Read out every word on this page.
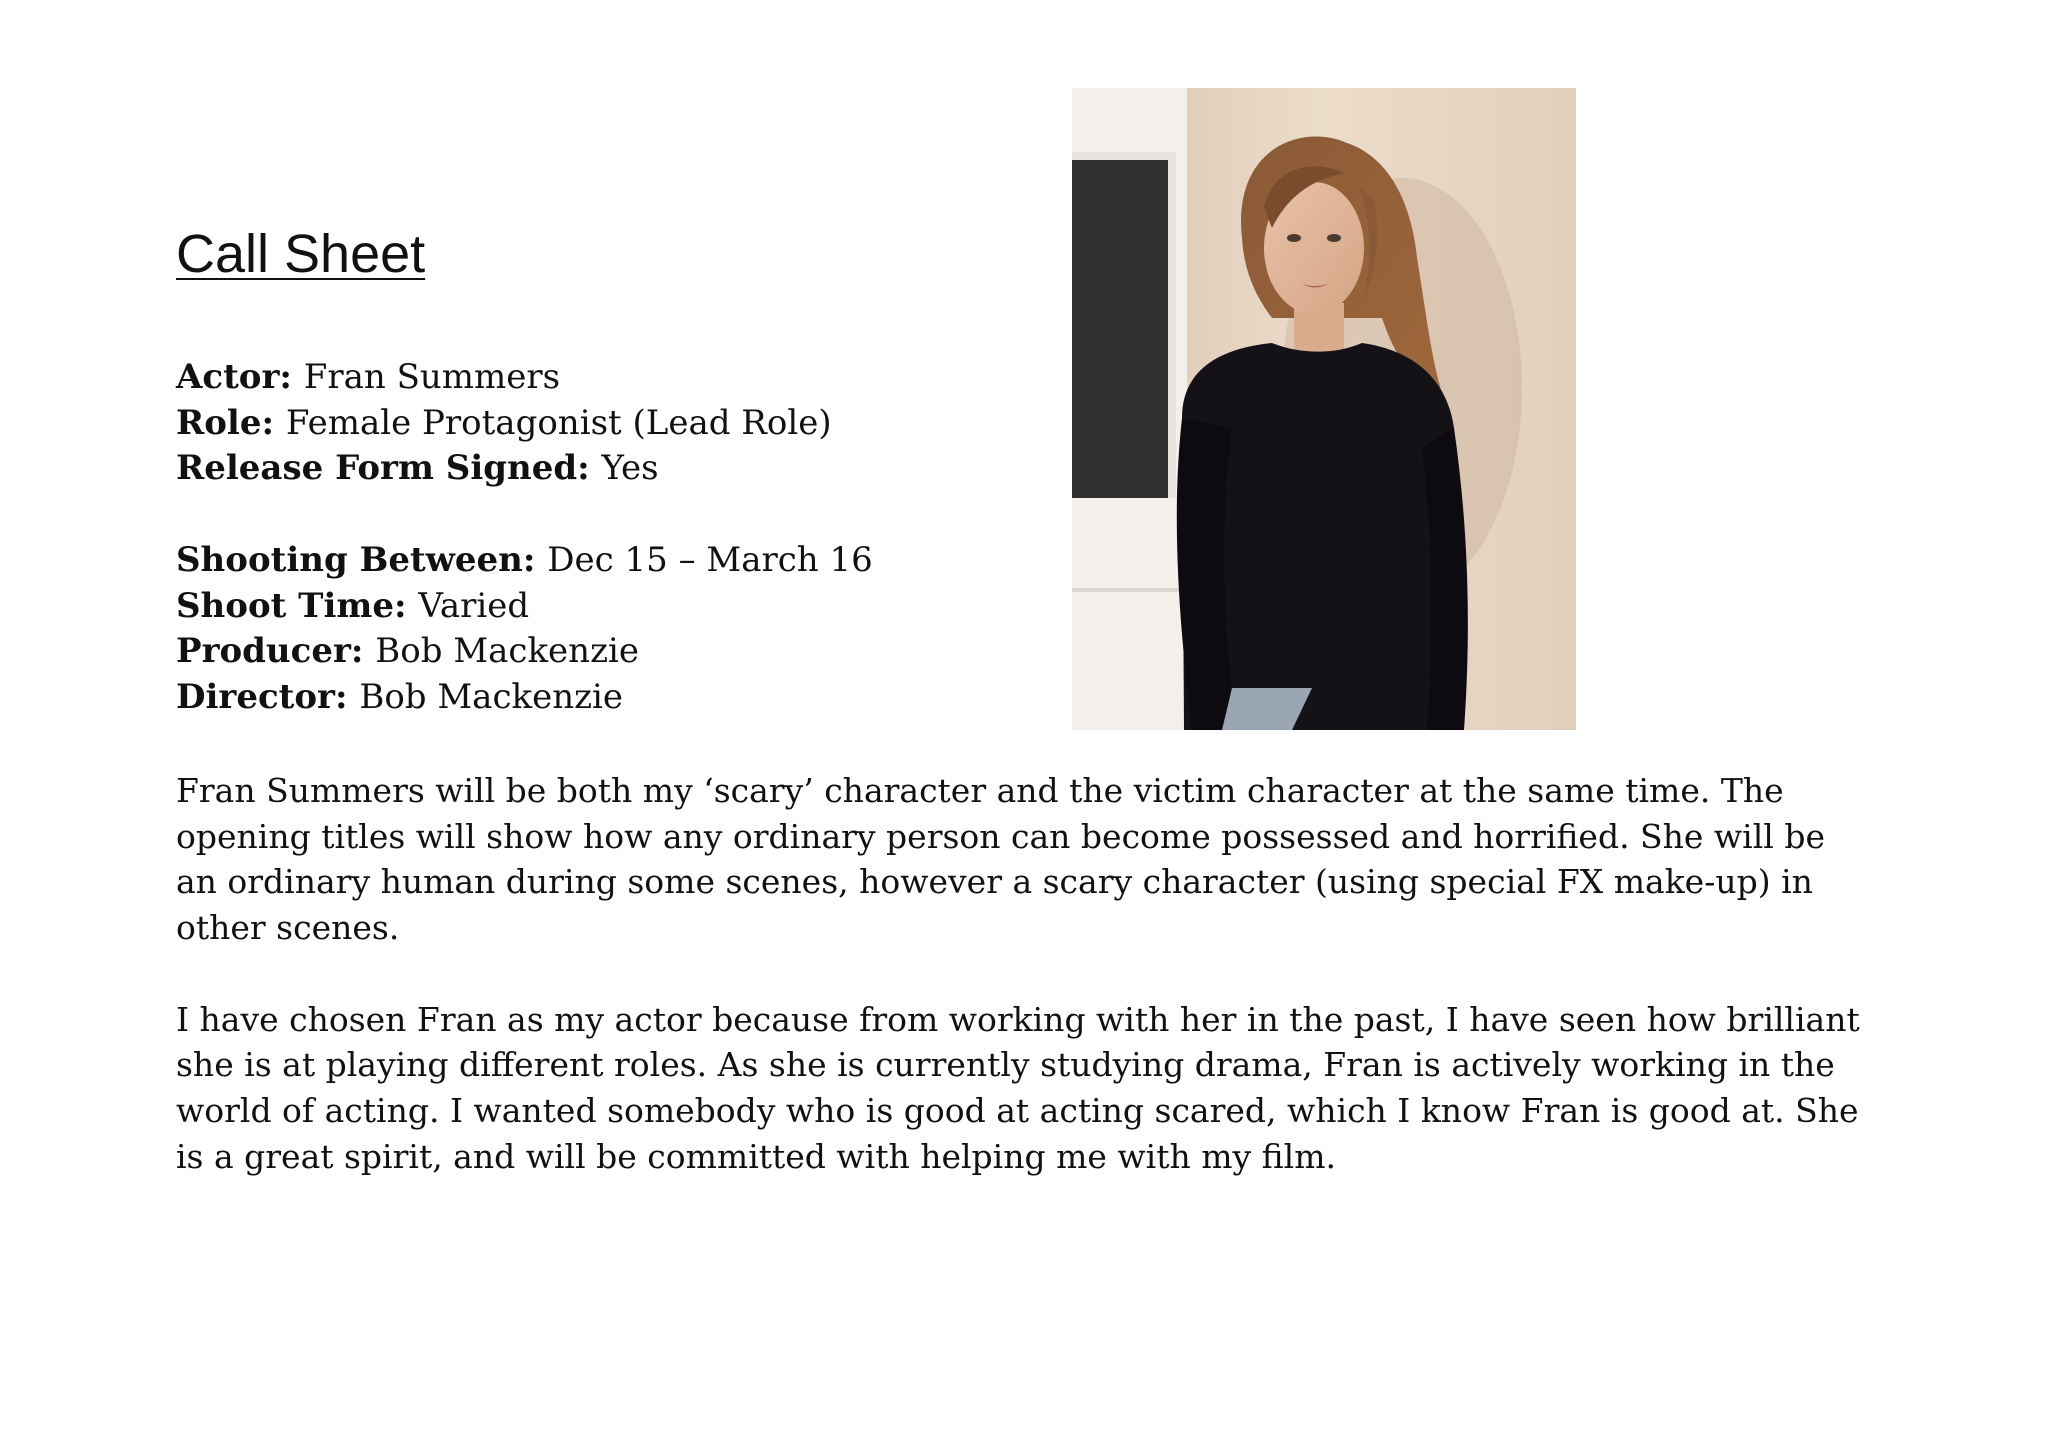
Call Sheet
Actor: Fran Summers
Role: Female Protagonist (Lead Role)
Release Form Signed: Yes
Shooting Between: Dec 15 – March 16
Shoot Time: Varied
Producer: Bob Mackenzie
Director: Bob Mackenzie

Fran Summers will be both my ‘scary’ character and the victim character at the same time. The opening titles will show how any ordinary person can become possessed and horrified. She will be an ordinary human during some scenes, however a scary character (using special FX make-up) in other scenes.

I have chosen Fran as my actor because from working with her in the past, I have seen how brilliant she is at playing different roles. As she is currently studying drama, Fran is actively working in the world of acting. I wanted somebody who is good at acting scared, which I know Fran is good at. She is a great spirit, and will be committed with helping me with my film.
